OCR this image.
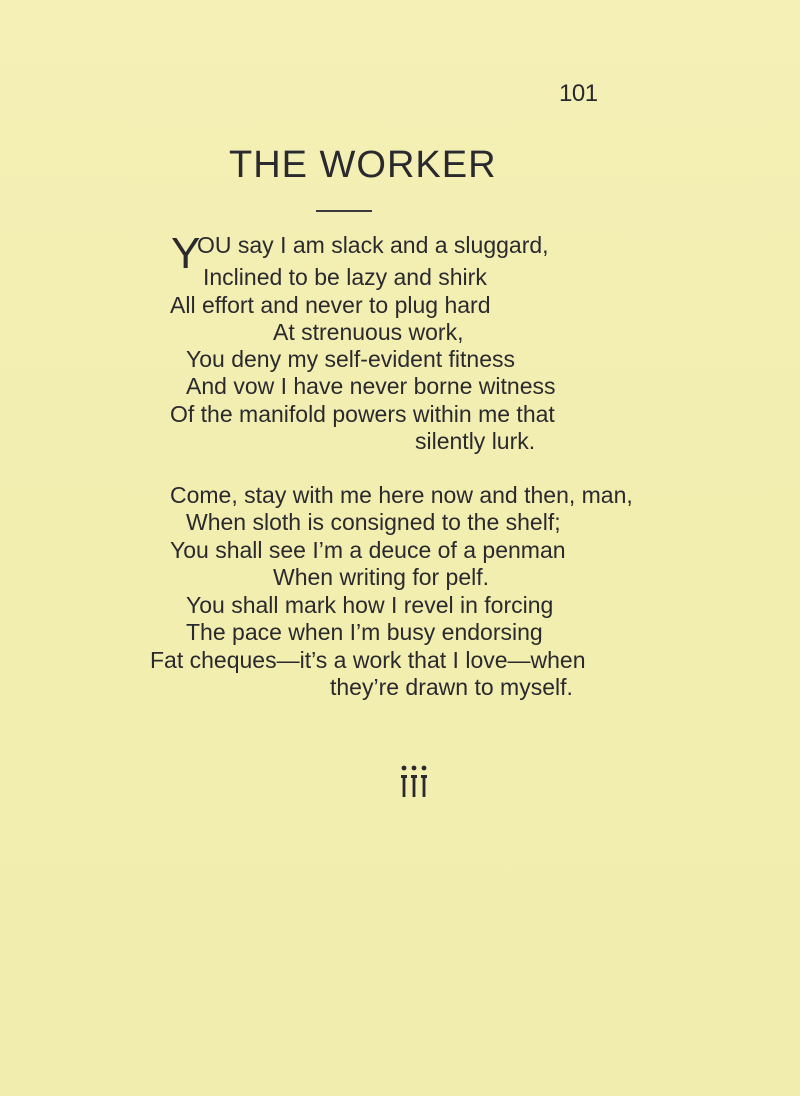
101
THE WORKER
Y
OU say I am slack and a sluggard,
Inclined to be lazy and shirk
All effort and never to plug hard
At strenuous work,
You deny my self-evident fitness
And vow I have never borne witness
Of the manifold powers within me that
silently lurk.
Come, stay with me here now and then, man,
When sloth is consigned to the shelf;
You shall see I’m a deuce of a penman
When writing for pelf.
You shall mark how I revel in forcing
The pace when I’m busy endorsing
Fat cheques—it’s a work that I love—when
they’re drawn to myself.
